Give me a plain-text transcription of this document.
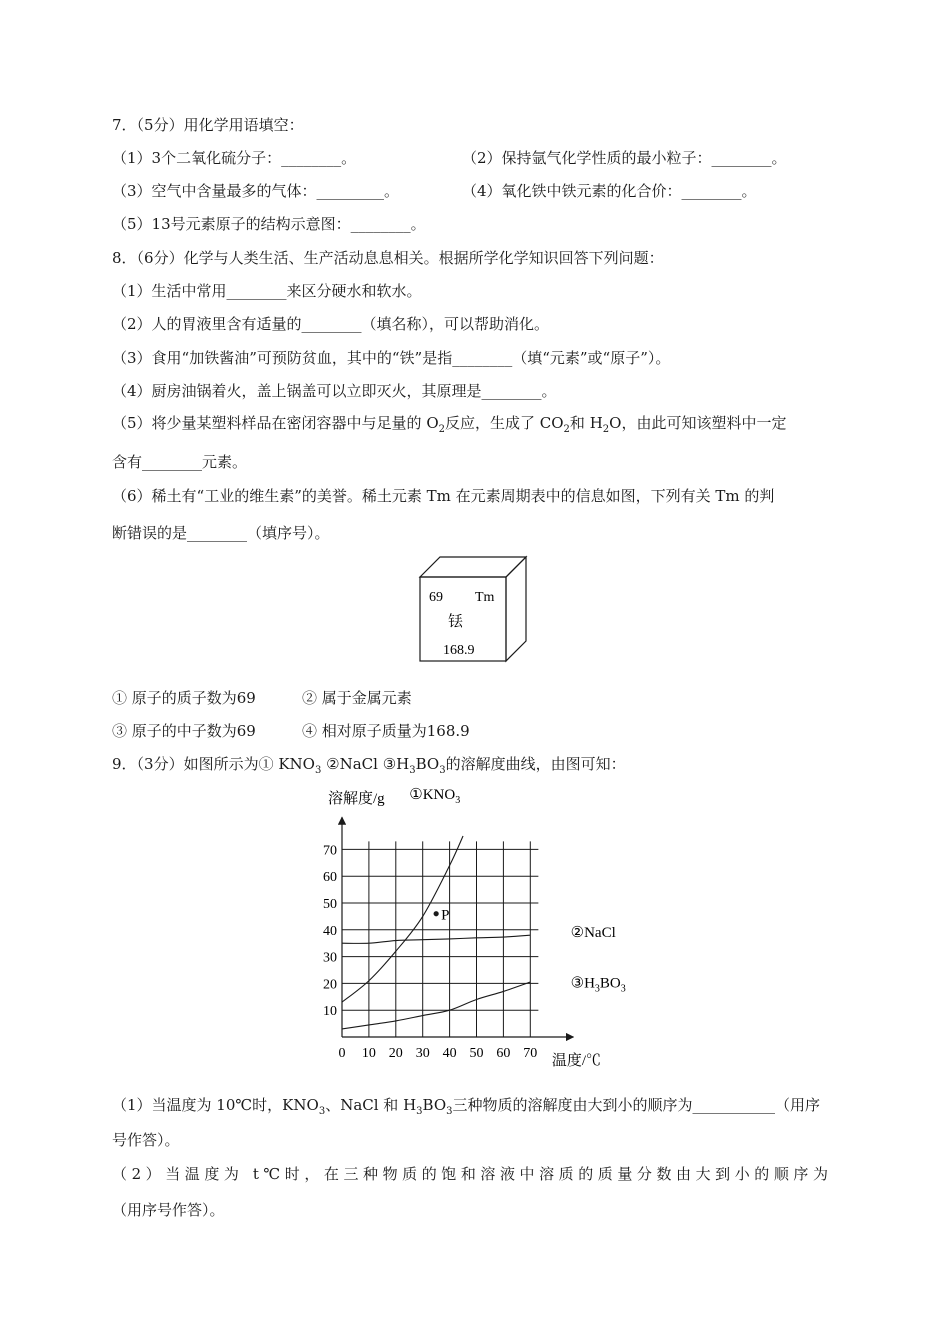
7．（5分）用化学用语填空：
（1）3个二氧化硫分子：________。	（2）保持氩气化学性质的最小粒子：________。
（3）空气中含量最多的气体：_________。	（4）氧化铁中铁元素的化合价：________。
（5）13号元素原子的结构示意图：________。
8．（6分）化学与人类生活、生产活动息息相关。根据所学化学知识回答下列问题：
（1）生活中常用________来区分硬水和软水。
（2）人的胃液里含有适量的________（填名称），可以帮助消化。
（3）食用“加铁酱油”可预防贫血，其中的“铁”是指________（填“元素”或“原子”）。
（4）厨房油锅着火，盖上锅盖可以立即灭火，其原理是________。
（5）将少量某塑料样品在密闭容器中与足量的 $O_2$反应，生成了 $CO_2$和 $H_2O$，由此可知该塑料中一定
含有________元素。
（6）稀土有“工业的维生素”的美誉。稀土元素 Tm 在元素周期表中的信息如图，下列有关 Tm 的判
断错误的是________（填序号）。
69 Tm
铥
168.9
① 原子的质子数为69	② 属于金属元素
③ 原子的中子数为69	④ 相对原子质量为168.9
9．（3分）如图所示为① $KNO_3$ ②NaCl $③H_3BO_3$的溶解度曲线，由图可知：
0 10 20 30 40 50 60 70
10
20
30
40
50
60
70
溶解度/g
温度/℃
$①KNO_3$
②NaCl
$③H_3BO_3$
P
（1）当温度为 10℃时，$KNO_3$、NaCl 和 $H_3BO_3$三种物质的溶解度由大到小的顺序为___________（用序
号作答）。
（2）当温度为 t℃时，在三种物质的饱和溶液中溶质的质量分数由大到小的顺序为
（用序号作答）。
